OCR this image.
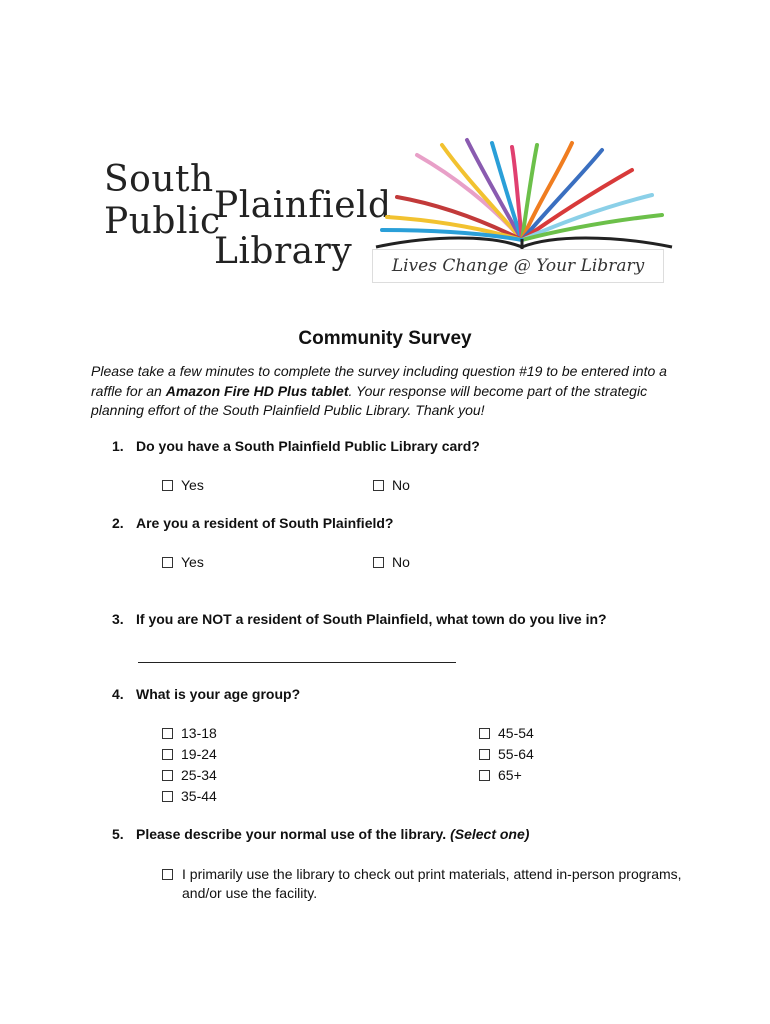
South
Public
Plainfield
Library	Lives Change @ Your Library
Community Survey
Please take a few minutes to complete the survey including question #19 to be entered into a raffle for an Amazon Fire HD Plus tablet. Your response will become part of the strategic planning effort of the South Plainfield Public Library. Thank you!
1. Do you have a South Plainfield Public Library card?
Yes	No
2. Are you a resident of South Plainfield?
Yes	No
3. If you are NOT a resident of South Plainfield, what town do you live in?
4. What is your age group?
13-18
19-24
25-34
35-44
45-54
55-64
65+
5. Please describe your normal use of the library. (Select one)
I primarily use the library to check out print materials, attend in-person programs, and/or use the facility.
